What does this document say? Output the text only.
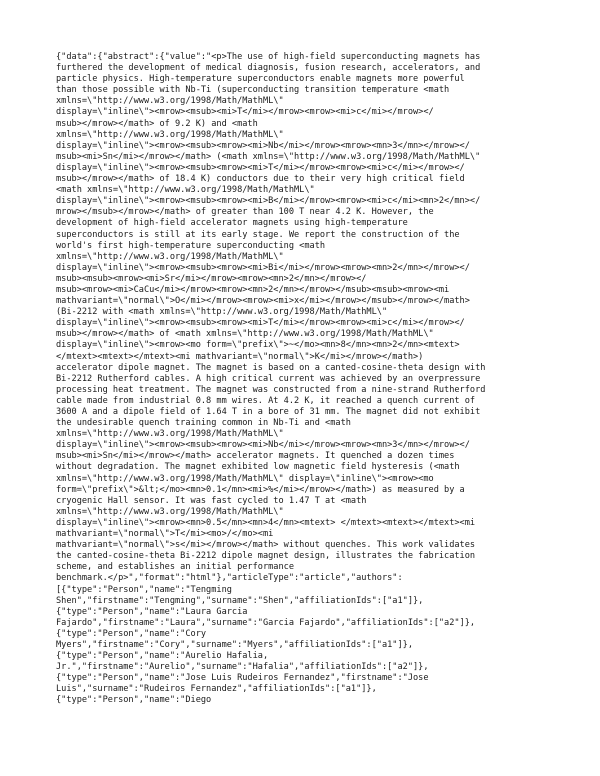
{"data":{"abstract":{"value":"<p>The use of high-field superconducting magnets has
furthered the development of medical diagnosis, fusion research, accelerators, and
particle physics. High-temperature superconductors enable magnets more powerful
than those possible with Nb-Ti (superconducting transition temperature <math
xmlns=\"http://www.w3.org/1998/Math/MathML\"
display=\"inline\"><mrow><msub><mi>T</mi></mrow><mrow><mi>c</mi></mrow></
msub></mrow></math> of 9.2 K) and <math
xmlns=\"http://www.w3.org/1998/Math/MathML\"
display=\"inline\"><mrow><msub><mrow><mi>Nb</mi></mrow><mrow><mn>3</mn></mrow></
msub><mi>Sn</mi></mrow></math> (<math xmlns=\"http://www.w3.org/1998/Math/MathML\"
display=\"inline\"><mrow><msub><mrow><mi>T</mi></mrow><mrow><mi>c</mi></mrow></
msub></mrow></math> of 18.4 K) conductors due to their very high critical field
<math xmlns=\"http://www.w3.org/1998/Math/MathML\"
display=\"inline\"><mrow><msub><mrow><mi>B</mi></mrow><mrow><mi>c</mi><mn>2</mn></
mrow></msub></mrow></math> of greater than 100 T near 4.2 K. However, the
development of high-field accelerator magnets using high-temperature
superconductors is still at its early stage. We report the construction of the
world's first high-temperature superconducting <math
xmlns=\"http://www.w3.org/1998/Math/MathML\"
display=\"inline\"><mrow><msub><mrow><mi>Bi</mi></mrow><mrow><mn>2</mn></mrow></
msub><msub><mrow><mi>Sr</mi></mrow><mrow><mn>2</mn></mrow></
msub><mrow><mi>CaCu</mi></mrow><mrow><mn>2</mn></mrow></msub><msub><mrow><mi
mathvariant=\"normal\">O</mi></mrow><mrow><mi>x</mi></mrow></msub></mrow></math>
(Bi-2212 with <math xmlns=\"http://www.w3.org/1998/Math/MathML\"
display=\"inline\"><mrow><msub><mrow><mi>T</mi></mrow><mrow><mi>c</mi></mrow></
msub></mrow></math> of <math xmlns=\"http://www.w3.org/1998/Math/MathML\"
display=\"inline\"><mrow><mo form=\"prefix\">~</mo><mn>8</mn><mn>2</mn><mtext>
</mtext><mtext></mtext><mi mathvariant=\"normal\">K</mi></mrow></math>)
accelerator dipole magnet. The magnet is based on a canted-cosine-theta design with
Bi-2212 Rutherford cables. A high critical current was achieved by an overpressure
processing heat treatment. The magnet was constructed from a nine-strand Rutherford
cable made from industrial 0.8 mm wires. At 4.2 K, it reached a quench current of
3600 A and a dipole field of 1.64 T in a bore of 31 mm. The magnet did not exhibit
the undesirable quench training common in Nb-Ti and <math
xmlns=\"http://www.w3.org/1998/Math/MathML\"
display=\"inline\"><mrow><msub><mrow><mi>Nb</mi></mrow><mrow><mn>3</mn></mrow></
msub><mi>Sn</mi></mrow></math> accelerator magnets. It quenched a dozen times
without degradation. The magnet exhibited low magnetic field hysteresis (<math
xmlns=\"http://www.w3.org/1998/Math/MathML\" display=\"inline\"><mrow><mo
form=\"prefix\">&lt;</mo><mn>0.1</mn><mi>%</mi></mrow></math>) as measured by a
cryogenic Hall sensor. It was fast cycled to 1.47 T at <math
xmlns=\"http://www.w3.org/1998/Math/MathML\"
display=\"inline\"><mrow><mn>0.5</mn><mn>4</mn><mtext> </mtext><mtext></mtext><mi
mathvariant=\"normal\">T</mi><mo>/</mo><mi
mathvariant=\"normal\">s</mi></mrow></math> without quenches. This work validates
the canted-cosine-theta Bi-2212 dipole magnet design, illustrates the fabrication
scheme, and establishes an initial performance
benchmark.</p>","format":"html"},"articleType":"article","authors":
[{"type":"Person","name":"Tengming
Shen","firstname":"Tengming","surname":"Shen","affiliationIds":["a1"]},
{"type":"Person","name":"Laura Garcia
Fajardo","firstname":"Laura","surname":"Garcia Fajardo","affiliationIds":["a2"]},
{"type":"Person","name":"Cory
Myers","firstname":"Cory","surname":"Myers","affiliationIds":["a1"]},
{"type":"Person","name":"Aurelio Hafalia,
Jr.","firstname":"Aurelio","surname":"Hafalia","affiliationIds":["a2"]},
{"type":"Person","name":"Jose Luis Rudeiros Fernandez","firstname":"Jose
Luis","surname":"Rudeiros Fernandez","affiliationIds":["a1"]},
{"type":"Person","name":"Diego
